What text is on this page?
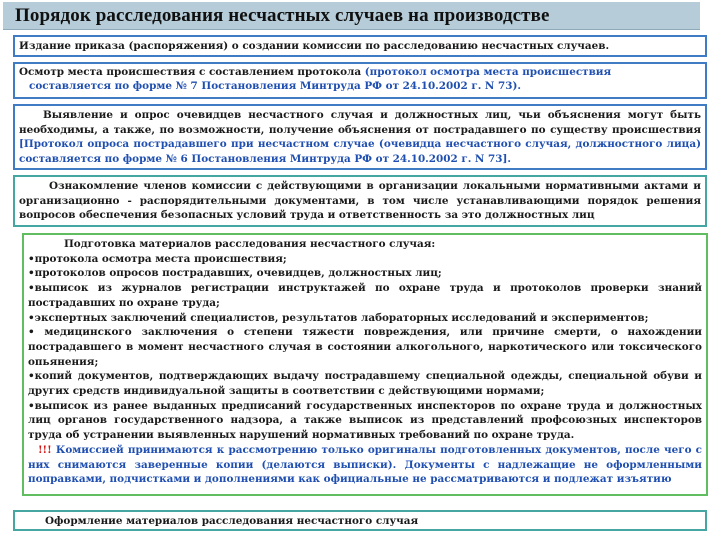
Порядок расследования несчастных случаев на производстве

Издание приказа (распоряжения) о создании комиссии по расследованию несчастных случаев.

Осмотр места происшествия с составлением протокола (протокол осмотра места происшествия

составляется по форме № 7 Постановления Минтруда РФ от 24.10.2002 г. N 73).

Выявление и опрос очевидцев несчастного случая и должностных лиц, чьи объяснения могут быть необходимы, а также, по возможности, получение объяснения от пострадавшего по существу происшествия [Протокол опроса пострадавшего при несчастном случае (очевидца несчастного случая, должностного лица) составляется по форме № 6 Постановления Минтруда РФ от 24.10.2002 г. N 73].

Ознакомление членов комиссии с действующими в организации локальными нормативными актами и организационно - распорядительными документами, в том числе устанавливающими порядок решения вопросов обеспечения безопасных условий труда и ответственность за это должностных лиц

Подготовка материалов расследования несчастного случая:

•протокола осмотра места происшествия;

•протоколов опросов пострадавших, очевидцев, должностных лиц;

•выписок из журналов регистрации инструктажей по охране труда и протоколов проверки знаний пострадавших по охране труда;

•экспертных заключений специалистов, результатов лабораторных исследований и экспериментов;

• медицинского заключения о степени тяжести повреждения, или причине смерти, о нахождении пострадавшего в момент несчастного случая в состоянии алкогольного, наркотического или токсического опьянения;

•копий документов, подтверждающих выдачу пострадавшему специальной одежды, специальной обуви и других средств индивидуальной защиты в соответствии с действующими нормами;

•выписок из ранее выданных предписаний государственных инспекторов по охране труда и должностных лиц органов государственного надзора, а также выписок из представлений профсоюзных инспекторов труда об устранении выявленных нарушений нормативных требований по охране труда.

!!! Комиссией принимаются к рассмотрению только оригиналы подготовленных документов, после чего с них снимаются заверенные копии (делаются выписки). Документы с надлежащие не оформленными поправками, подчистками и дополнениями как официальные не рассматриваются и подлежат изъятию

Оформление материалов расследования несчастного случая
